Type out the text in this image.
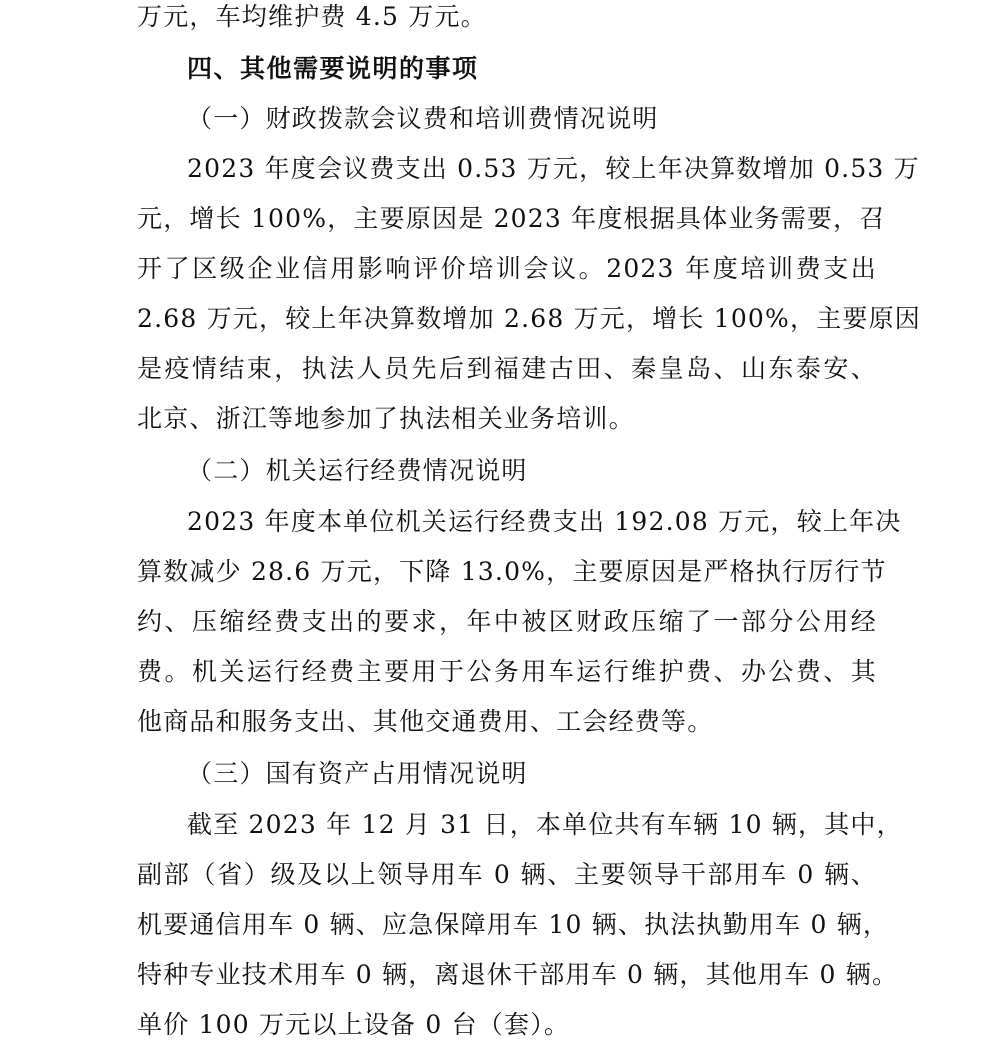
万元，车均维护费 4.5 万元。
四、其他需要说明的事项
（一）财政拨款会议费和培训费情况说明
2023 年度会议费支出 0.53 万元，较上年决算数增加 0.53 万
元，增长 100%，主要原因是 2023 年度根据具体业务需要，召
开了区级企业信用影响评价培训会议。2023 年度培训费支出
2.68 万元，较上年决算数增加 2.68 万元，增长 100%，主要原因
是疫情结束，执法人员先后到福建古田、秦皇岛、山东泰安、
北京、浙江等地参加了执法相关业务培训。
（二）机关运行经费情况说明
2023 年度本单位机关运行经费支出 192.08 万元，较上年决
算数减少 28.6 万元，下降 13.0%，主要原因是严格执行厉行节
约、压缩经费支出的要求，年中被区财政压缩了一部分公用经
费。机关运行经费主要用于公务用车运行维护费、办公费、其
他商品和服务支出、其他交通费用、工会经费等。
（三）国有资产占用情况说明
截至 2023 年 12 月 31 日，本单位共有车辆 10 辆，其中，
副部（省）级及以上领导用车 0 辆、主要领导干部用车 0 辆、
机要通信用车 0 辆、应急保障用车 10 辆、执法执勤用车 0 辆，
特种专业技术用车 0 辆，离退休干部用车 0 辆，其他用车 0 辆。
单价 100 万元以上设备 0 台（套）。
